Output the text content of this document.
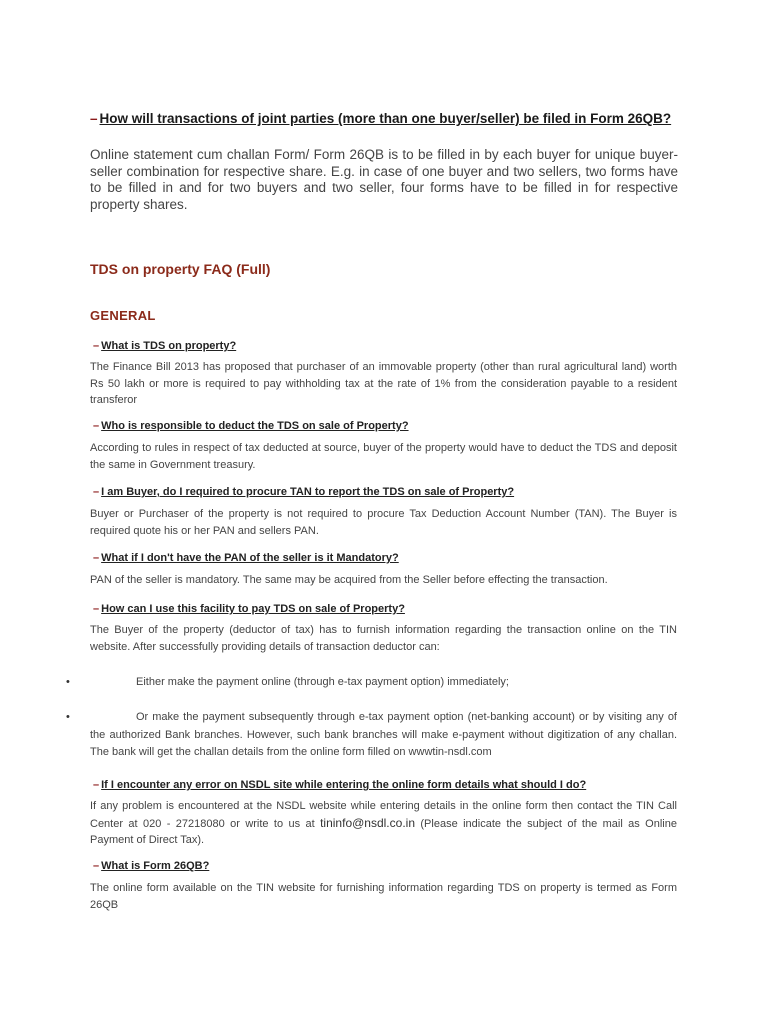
– How will transactions of joint parties (more than one buyer/seller) be filed in Form 26QB?
Online statement cum challan Form/ Form 26QB is to be filled in by each buyer for unique buyer-seller combination for respective share. E.g. in case of one buyer and two sellers, two forms have to be filled in and for two buyers and two seller, four forms have to be filled in for respective property shares.
TDS on property FAQ (Full)
GENERAL
– What is TDS on property?
The Finance Bill 2013 has proposed that purchaser of an immovable property (other than rural agricultural land) worth Rs 50 lakh or more is required to pay withholding tax at the rate of 1% from the consideration payable to a resident transferor
– Who is responsible to deduct the TDS on sale of Property?
According to rules in respect of tax deducted at source, buyer of the property would have to deduct the TDS and deposit the same in Government treasury.
– I am Buyer, do I required to procure TAN to report the TDS on sale of Property?
Buyer or Purchaser of the property is not required to procure Tax Deduction Account Number (TAN). The Buyer is required quote his or her PAN and sellers PAN.
– What if I don't have the PAN of the seller is it Mandatory?
PAN of the seller is mandatory. The same may be acquired from the Seller before effecting the transaction.
– How can I use this facility to pay TDS on sale of Property?
The Buyer of the property (deductor of tax) has to furnish information regarding the transaction online on the TIN website. After successfully providing details of transaction deductor can:
•	Either make the payment online (through e-tax payment option) immediately;
•	Or make the payment subsequently through e-tax payment option (net-banking account) or by visiting any of the authorized Bank branches. However, such bank branches will make e-payment without digitization of any challan. The bank will get the challan details from the online form filled on wwwtin-nsdl.com
– If I encounter any error on NSDL site while entering the online form details what should I do?
If any problem is encountered at the NSDL website while entering details in the online form then contact the TIN Call Center at 020 - 27218080 or write to us at tininfo@nsdl.co.in (Please indicate the subject of the mail as Online Payment of Direct Tax).
– What is Form 26QB?
The online form available on the TIN website for furnishing information regarding TDS on property is termed as Form 26QB
